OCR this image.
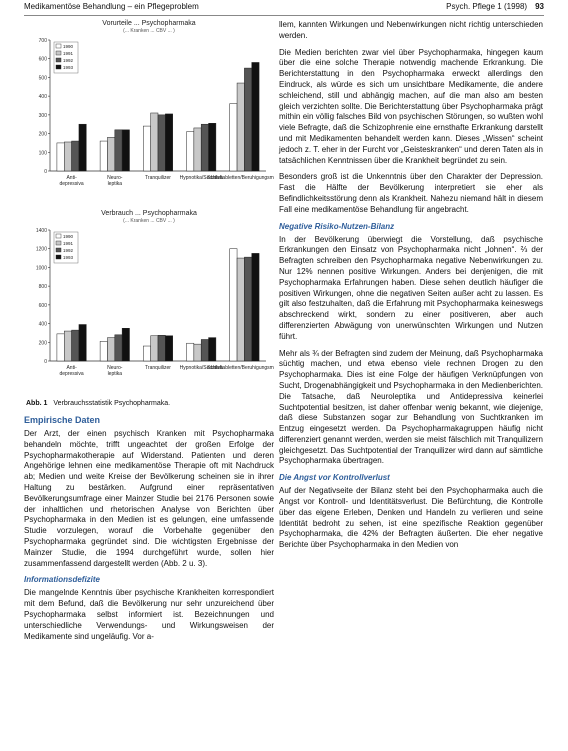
Medikamentöse Behandlung – ein Pflegeproblem	Psych. Pflege 1 (1998) 93
Vorurteile ... Psychopharmaka
(... Kranken ... CBV ... )
0
100
200
300
400
500
600
700
Anti-depressiva
Neuro-leptika
Tranquilizer Hypnotika/Sedativa
Schlaftabletten/Beruhigungsm
1990
1991
1992
1993
Verbrauch ... Psychopharmaka
(... Kranken ... CBV ... )
0
200
400
600
800
1000
1200
1400
Anti-depressiva
Neuro-leptika
Tranquilizer Hypnotika/Sedativa
Schlaftabletten/Beruhigungsm
1990
1991
1992
1993
Abb. 1 Verbrauchsstatistik Psychopharmaka.
Empirische Daten

Der Arzt, der einen psychisch Kranken mit Psychopharmaka behandeln möchte, trifft ungeachtet der großen Erfolge der Psychopharmakotherapie auf Widerstand. Patienten und deren Angehörige lehnen eine medikamentöse Therapie oft mit Nachdruck ab; Medien und weite Kreise der Bevölkerung scheinen sie in ihrer Haltung zu bestärken. Aufgrund einer repräsentativen Bevölkerungsumfrage einer Mainzer Studie bei 2176 Personen sowie der inhaltlichen und rhetorischen Analyse von Berichten über Psychopharmaka in den Medien ist es gelungen, eine umfassende Studie vorzulegen, worauf die Vorbehalte gegenüber den Psychopharmaka gegründet sind. Die wichtigsten Ergebnisse der Mainzer Studie, die 1994 durchgeführt wurde, sollen hier zusammenfassend dargestellt werden (Abb. 2 u. 3).

Informationsdefizite

Die mangelnde Kenntnis über psychische Krankheiten korrespondiert mit dem Befund, daß die Bevölkerung nur sehr unzureichend über Psychopharmaka selbst informiert ist. Bezeichnungen und unterschiedliche Verwendungs- und Wirkungsweisen der Medikamente sind ungeläufig. Vor a-

llem, kannten Wirkungen und Nebenwirkungen nicht richtig unterschieden werden.

Die Medien berichten zwar viel über Psychopharmaka, hingegen kaum über die eine solche Therapie notwendig machende Erkrankung. Die Berichterstattung in den Psychopharmaka erweckt allerdings den Eindruck, als würde es sich um unsichtbare Medikamente, die andere schleichend, still und abhängig machen, auf die man also am besten gleich verzichten sollte. Die Berichterstattung über Psychopharmaka prägt mithin ein völlig falsches Bild von psychischen Störungen, so wußten wohl viele Befragte, daß die Schizophrenie eine ernsthafte Erkrankung darstellt und mit Medikamenten behandelt werden kann. Dieses „Wissen“ scheint jedoch z. T. eher in der Furcht vor „Geisteskranken“ und deren Taten als in tatsächlichen Kenntnissen über die Krankheit begründet zu sein.

Besonders groß ist die Unkenntnis über den Charakter der Depression. Fast die Hälfte der Bevölkerung interpretiert sie eher als Befindlichkeitsstörung denn als Krankheit. Nahezu niemand hält in diesem Fall eine medikamentöse Behandlung für angebracht.

Negative Risiko-Nutzen-Bilanz

In der Bevölkerung überwiegt die Vorstellung, daß psychische Erkrankungen den Einsatz von Psychopharmaka nicht „lohnen“. ⅔ der Befragten schreiben den Psychopharmaka negative Nebenwirkungen zu. Nur 12% nennen positive Wirkungen. Anders bei denjenigen, die mit Psychopharmaka Erfahrungen haben. Diese sehen deutlich häufiger die positiven Wirkungen, ohne die negativen Seiten außer acht zu lassen. Es gilt also festzuhalten, daß die Erfahrung mit Psychopharmaka keineswegs abschreckend wirkt, sondern zu einer positiveren, aber auch differenzierten Abwägung von unerwünschten Wirkungen und Nutzen führt.

Mehr als ¾ der Befragten sind zudem der Meinung, daß Psychopharmaka süchtig machen, und etwa ebenso viele rechnen Drogen zu den Psychopharmaka. Dies ist eine Folge der häufigen Verknüpfungen von Sucht, Drogenabhängigkeit und Psychopharmaka in den Medienberichten. Die Tatsache, daß Neuroleptika und Antidepressiva keinerlei Suchtpotential besitzen, ist daher offenbar wenig bekannt, wie diejenige, daß diese Substanzen sogar zur Behandlung von Suchtkranken im Entzug eingesetzt werden. Da Psychopharmakagruppen häufig nicht differenziert genannt werden, werden sie meist fälschlich mit Tranquilizern gleichgesetzt. Das Suchtpotential der Tranquilizer wird dann auf sämtliche Psychopharmaka übertragen.

Die Angst vor Kontrollverlust

Auf der Negativseite der Bilanz steht bei den Psychopharmaka auch die Angst vor Kontroll- und Identitätsverlust. Die Befürchtung, die Kontrolle über das eigene Erleben, Denken und Handeln zu verlieren und seine Identität bedroht zu sehen, ist eine spezifische Reaktion gegenüber Psychopharmaka, die 42% der Befragten äußerten. Die eher negative Berichte über Psychopharmaka in den Medien von
